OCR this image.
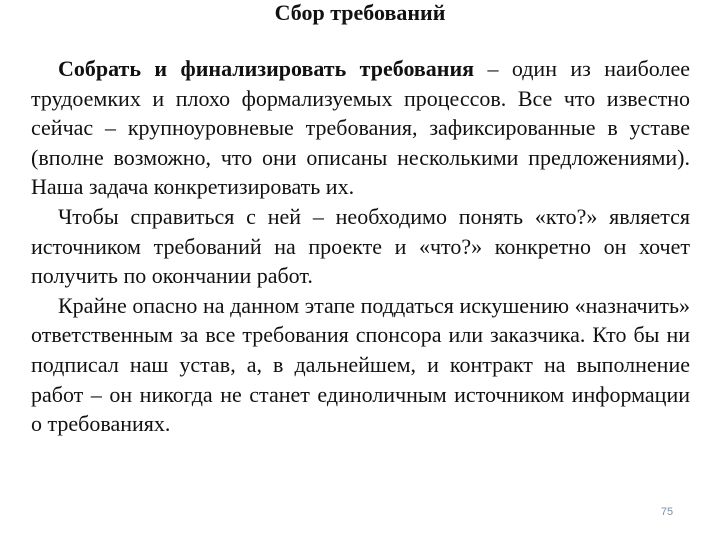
Сбор требований

Собрать и финализировать требования – один из наиболее трудоемких и плохо формализуемых процессов. Все что известно сейчас – крупноуровневые требования, зафиксированные в уставе (вполне возможно, что они описаны несколькими предложениями). Наша задача конкретизировать их.

Чтобы справиться с ней – необходимо понять «кто?» является источником требований на проекте и «что?» конкретно он хочет получить по окончании работ.

Крайне опасно на данном этапе поддаться искушению «назначить» ответственным за все требования спонсора или заказчика. Кто бы ни подписал наш устав, а, в дальнейшем, и контракт на выполнение работ – он никогда не станет единоличным источником информации о требованиях.

75
